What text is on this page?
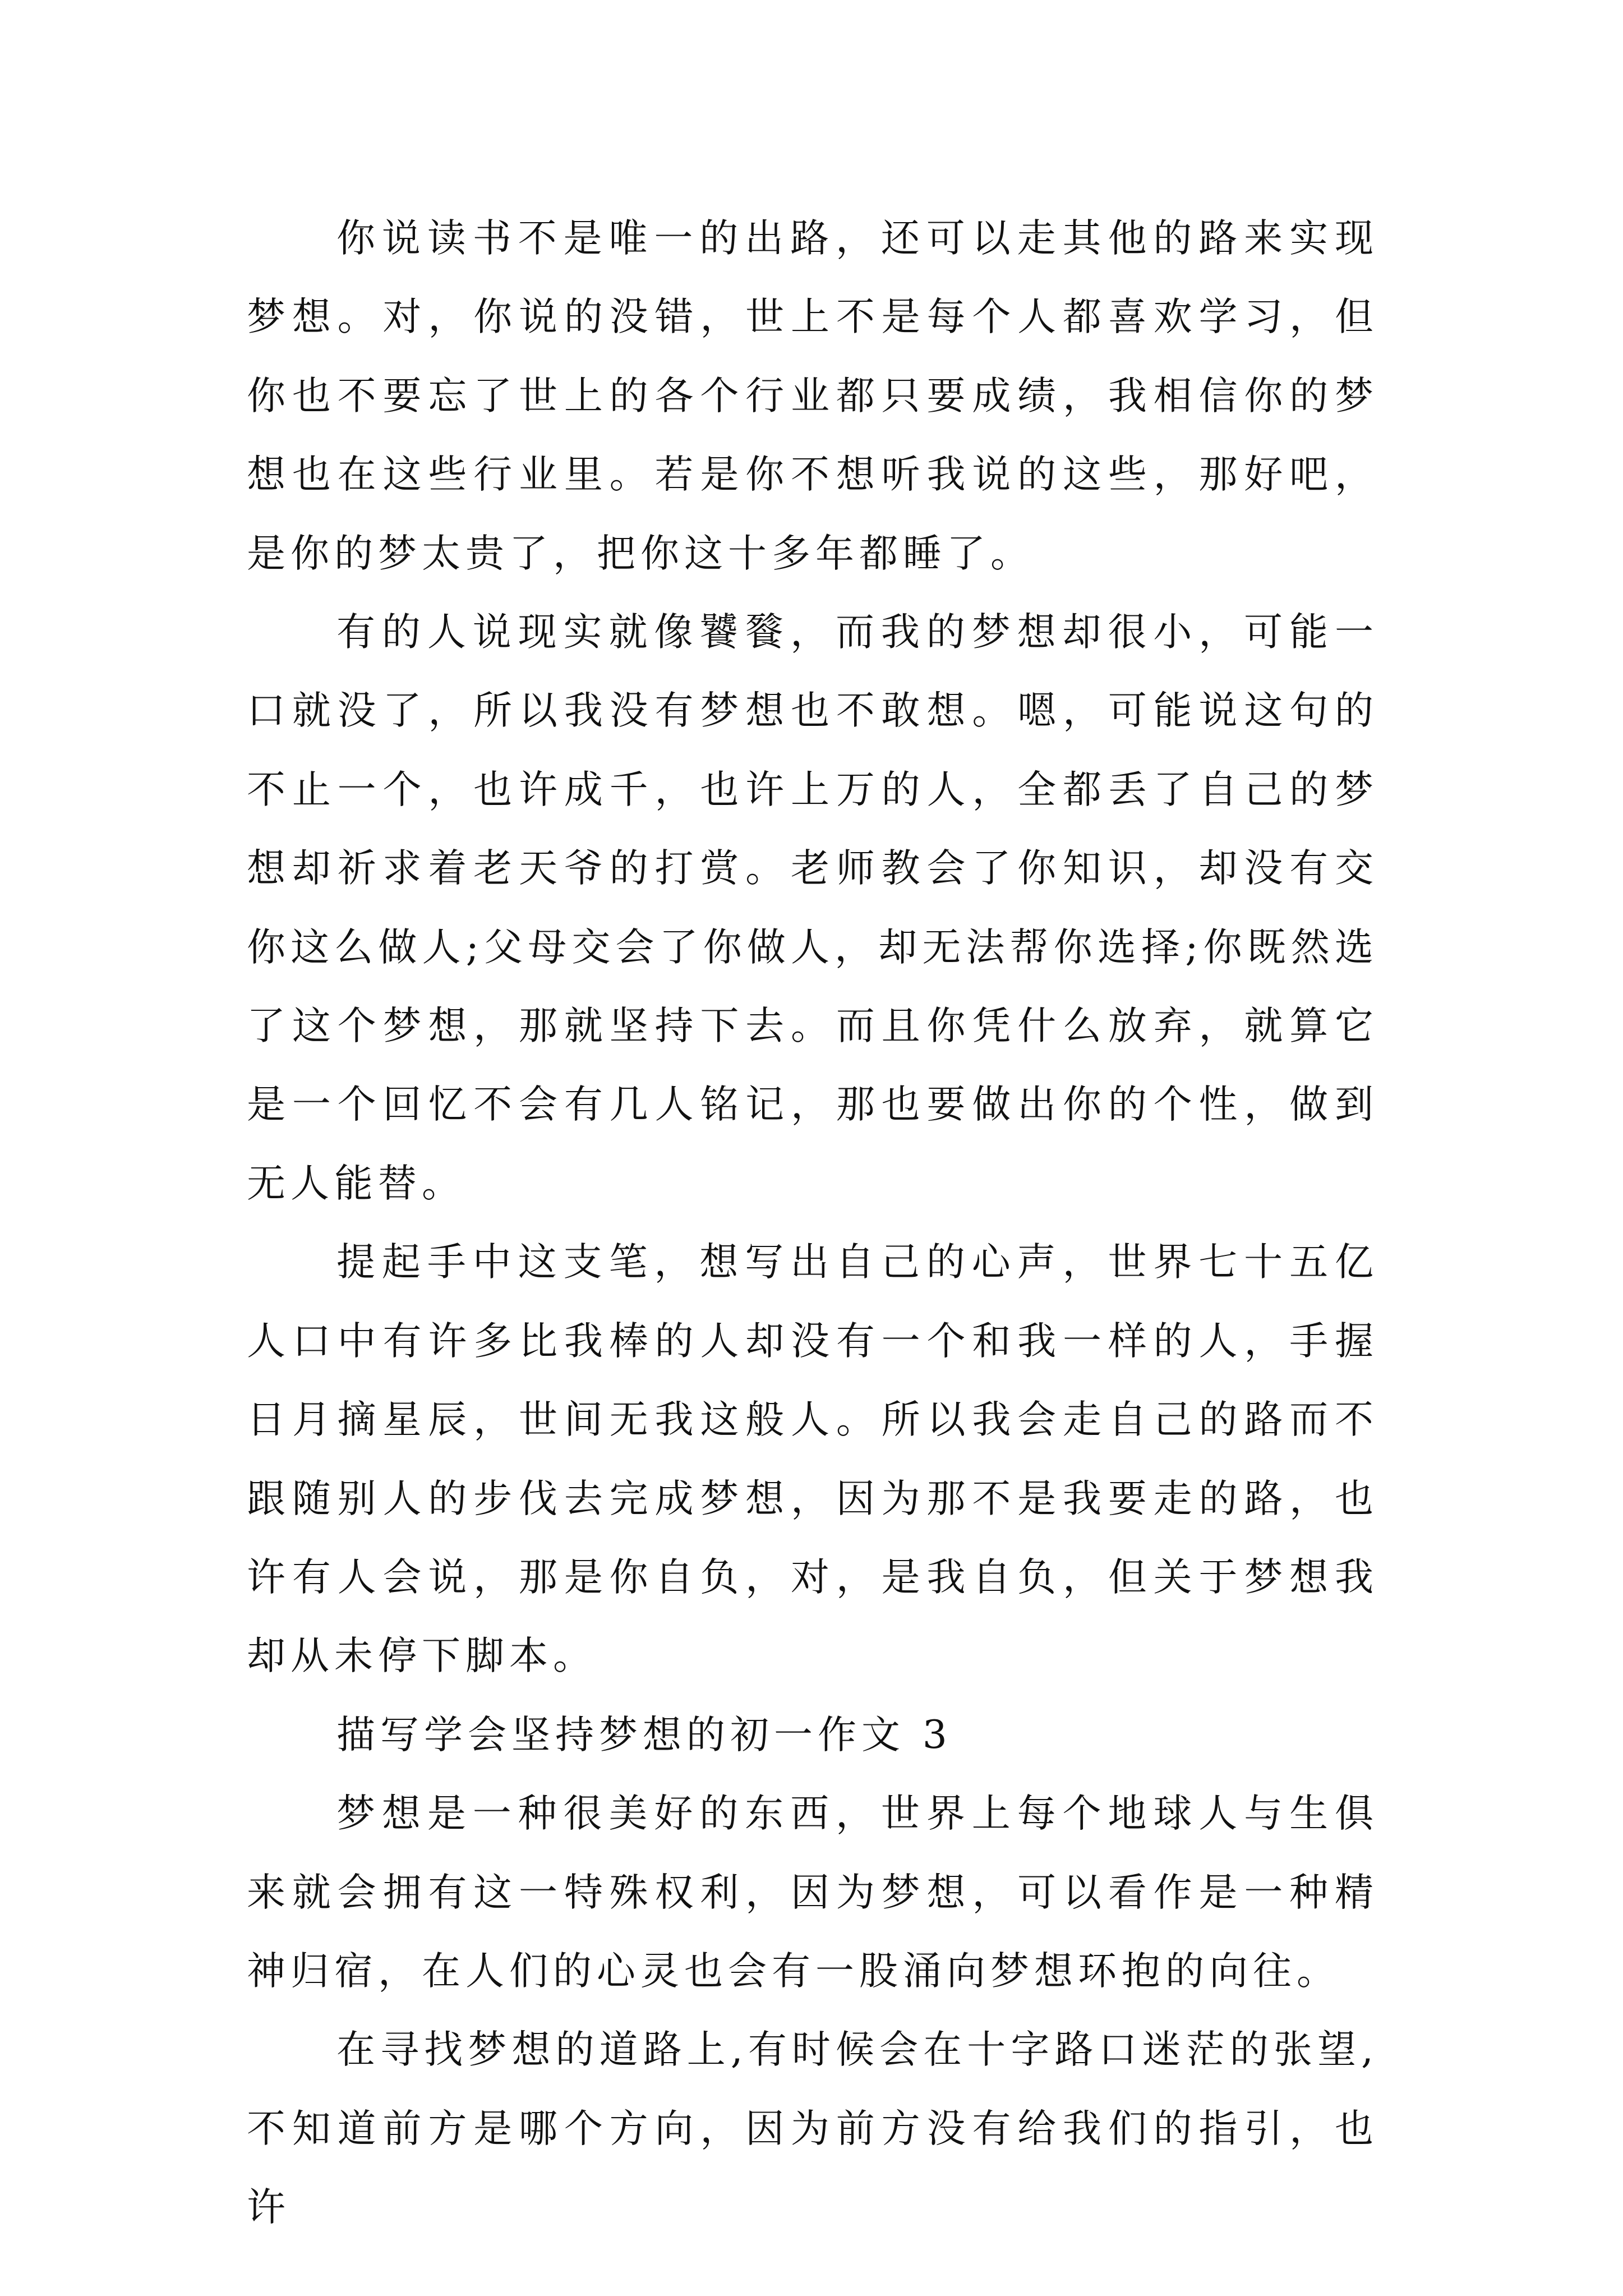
你说读书不是唯一的出路，还可以走其他的路来实现梦想。对，你说的没错，世上不是每个人都喜欢学习，但你也不要忘了世上的各个行业都只要成绩，我相信你的梦想也在这些行业里。若是你不想听我说的这些，那好吧，是你的梦太贵了，把你这十多年都睡了。

有的人说现实就像饕餮，而我的梦想却很小，可能一口就没了，所以我没有梦想也不敢想。嗯，可能说这句的不止一个，也许成千，也许上万的人，全都丢了自己的梦想却祈求着老天爷的打赏。老师教会了你知识，却没有交你这么做人;父母交会了你做人，却无法帮你选择;你既然选了这个梦想，那就坚持下去。而且你凭什么放弃，就算它是一个回忆不会有几人铭记，那也要做出你的个性，做到无人能替。

提起手中这支笔，想写出自己的心声，世界七十五亿人口中有许多比我棒的人却没有一个和我一样的人，手握日月摘星辰，世间无我这般人。所以我会走自己的路而不跟随别人的步伐去完成梦想，因为那不是我要走的路，也许有人会说，那是你自负，对，是我自负，但关于梦想我却从未停下脚本。

描写学会坚持梦想的初一作文 3

梦想是一种很美好的东西，世界上每个地球人与生俱来就会拥有这一特殊权利，因为梦想，可以看作是一种精神归宿，在人们的心灵也会有一股涌向梦想环抱的向往。

在寻找梦想的道路上,有时候会在十字路口迷茫的张望,不知道前方是哪个方向，因为前方没有给我们的指引，也许
